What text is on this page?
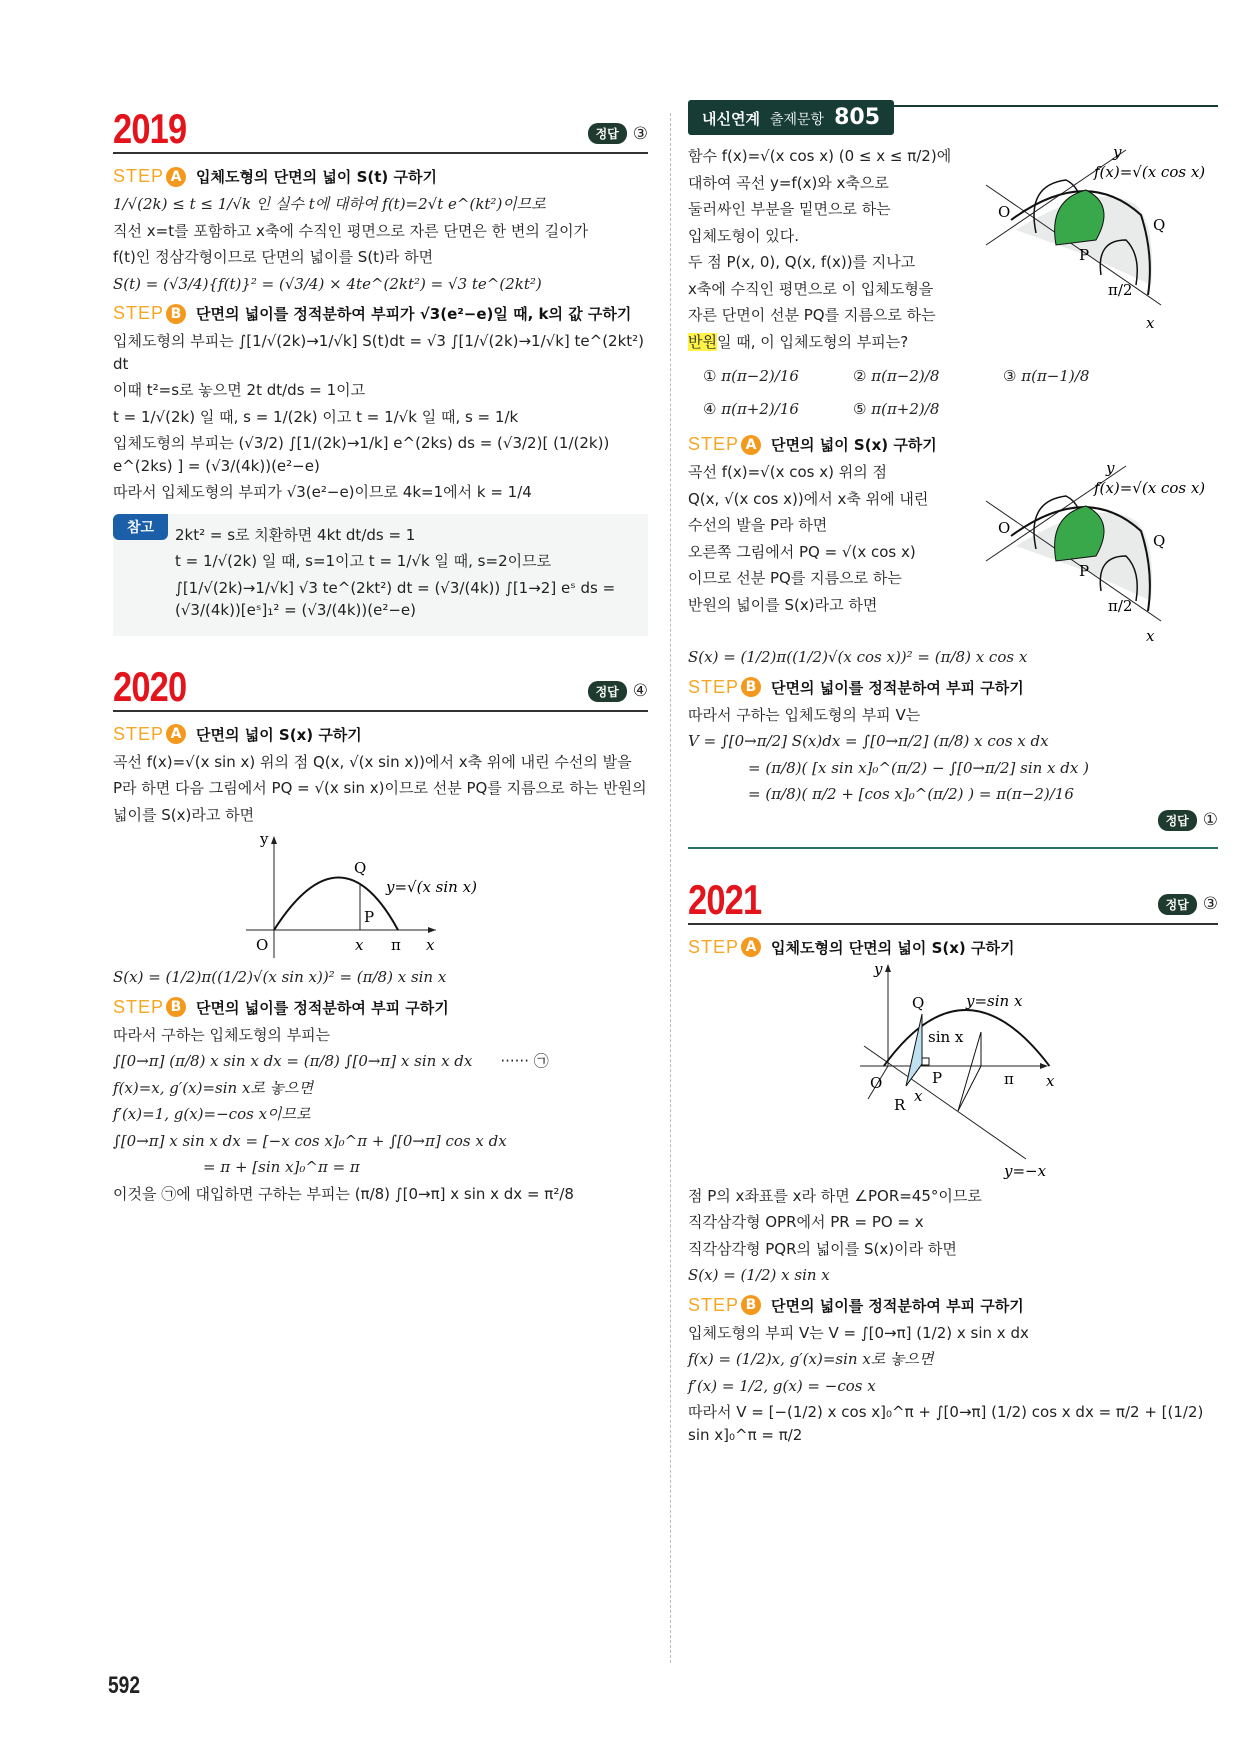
2019	정답 ③
STEP A 입체도형의 단면의 넓이 S(t) 구하기
1/√(2k) ≤ t ≤ 1/√k 인 실수 t에 대하여 f(t)=2√t e^(kt²)이므로
직선 x=t를 포함하고 x축에 수직인 평면으로 자른 단면은 한 변의 길이가
f(t)인 정삼각형이므로 단면의 넓이를 S(t)라 하면
S(t) = (√3/4){f(t)}² = (√3/4) × 4te^(2kt²) = √3 te^(2kt²)
STEP B 단면의 넓이를 정적분하여 부피가 √3(e²−e)일 때, k의 값 구하기
입체도형의 부피는 ∫[1/√(2k)→1/√k] S(t)dt = √3 ∫[1/√(2k)→1/√k] te^(2kt²) dt
이때 t²=s로 놓으면 2t dt/ds = 1이고
t = 1/√(2k) 일 때, s = 1/(2k) 이고 t = 1/√k 일 때, s = 1/k
입체도형의 부피는 (√3/2) ∫[1/(2k)→1/k] e^(2ks) ds = (√3/2)[ (1/(2k)) e^(2ks) ] = (√3/(4k))(e²−e)
따라서 입체도형의 부피가 √3(e²−e)이므로 4k=1에서 k = 1/4
참고	2kt² = s로 치환하면 4kt dt/ds = 1
t = 1/√(2k) 일 때, s=1이고 t = 1/√k 일 때, s=2이므로
∫[1/√(2k)→1/√k] √3 te^(2kt²) dt = (√3/(4k)) ∫[1→2] eˢ ds = (√3/(4k))[eˢ]₁² = (√3/(4k))(e²−e)
2020	정답 ④
STEP A 단면의 넓이 S(x) 구하기
곡선 f(x)=√(x sin x) 위의 점 Q(x, √(x sin x))에서 x축 위에 내린 수선의 발을
P라 하면 다음 그림에서 PQ = √(x sin x)이므로 선분 PQ를 지름으로 하는 반원의
넓이를 S(x)라고 하면
y
O
Q
P
x π x
y=√(x sin x)
S(x) = (1/2)π((1/2)√(x sin x))² = (π/8) x sin x
STEP B 단면의 넓이를 정적분하여 부피 구하기
따라서 구하는 입체도형의 부피는
∫[0→π] (π/8) x sin x dx = (π/8) ∫[0→π] x sin x dx ······ ㉠
f(x)=x, g′(x)=sin x로 놓으면
f′(x)=1, g(x)=−cos x이므로
∫[0→π] x sin x dx = [−x cos x]₀^π + ∫[0→π] cos x dx
= π + [sin x]₀^π = π
이것을 ㉠에 대입하면 구하는 부피는 (π/8) ∫[0→π] x sin x dx = π²/8
592
내신연계 출제문항 805
함수 f(x)=√(x cos x) (0 ≤ x ≤ π/2)에
대하여 곡선 y=f(x)와 x축으로
둘러싸인 부분을 밑면으로 하는
입체도형이 있다.
두 점 P(x, 0), Q(x, f(x))를 지나고
x축에 수직인 평면으로 이 입체도형을
자른 단면이 선분 PQ를 지름으로 하는
반원일 때, 이 입체도형의 부피는?
y
x
O
Q
P
π/2
f(x)=√(x cos x)
① π(π−2)/16	② π(π−2)/8	③ π(π−1)/8
④ π(π+2)/16	⑤ π(π+2)/8
STEP A 단면의 넓이 S(x) 구하기
곡선 f(x)=√(x cos x) 위의 점
Q(x, √(x cos x))에서 x축 위에 내린
수선의 발을 P라 하면
오른쪽 그림에서 PQ = √(x cos x)
이므로 선분 PQ를 지름으로 하는
반원의 넓이를 S(x)라고 하면
y
x
O
Q
P
π/2
f(x)=√(x cos x)
S(x) = (1/2)π((1/2)√(x cos x))² = (π/8) x cos x
STEP B 단면의 넓이를 정적분하여 부피 구하기
따라서 구하는 입체도형의 부피 V는
V = ∫[0→π/2] S(x)dx = ∫[0→π/2] (π/8) x cos x dx
= (π/8)( [x sin x]₀^(π/2) − ∫[0→π/2] sin x dx )
= (π/8)( π/2 + [cos x]₀^(π/2) ) = π(π−2)/16
정답 ①
2021	정답 ③
STEP A 입체도형의 단면의 넓이 S(x) 구하기
y
O
Q
P
R x
sin x
π x
y=sin x
y=−x
점 P의 x좌표를 x라 하면 ∠POR=45°이므로
직각삼각형 OPR에서 PR = PO = x
직각삼각형 PQR의 넓이를 S(x)이라 하면
S(x) = (1/2) x sin x
STEP B 단면의 넓이를 정적분하여 부피 구하기
입체도형의 부피 V는 V = ∫[0→π] (1/2) x sin x dx
f(x) = (1/2)x, g′(x)=sin x로 놓으면
f′(x) = 1/2, g(x) = −cos x
따라서 V = [−(1/2) x cos x]₀^π + ∫[0→π] (1/2) cos x dx = π/2 + [(1/2) sin x]₀^π = π/2
